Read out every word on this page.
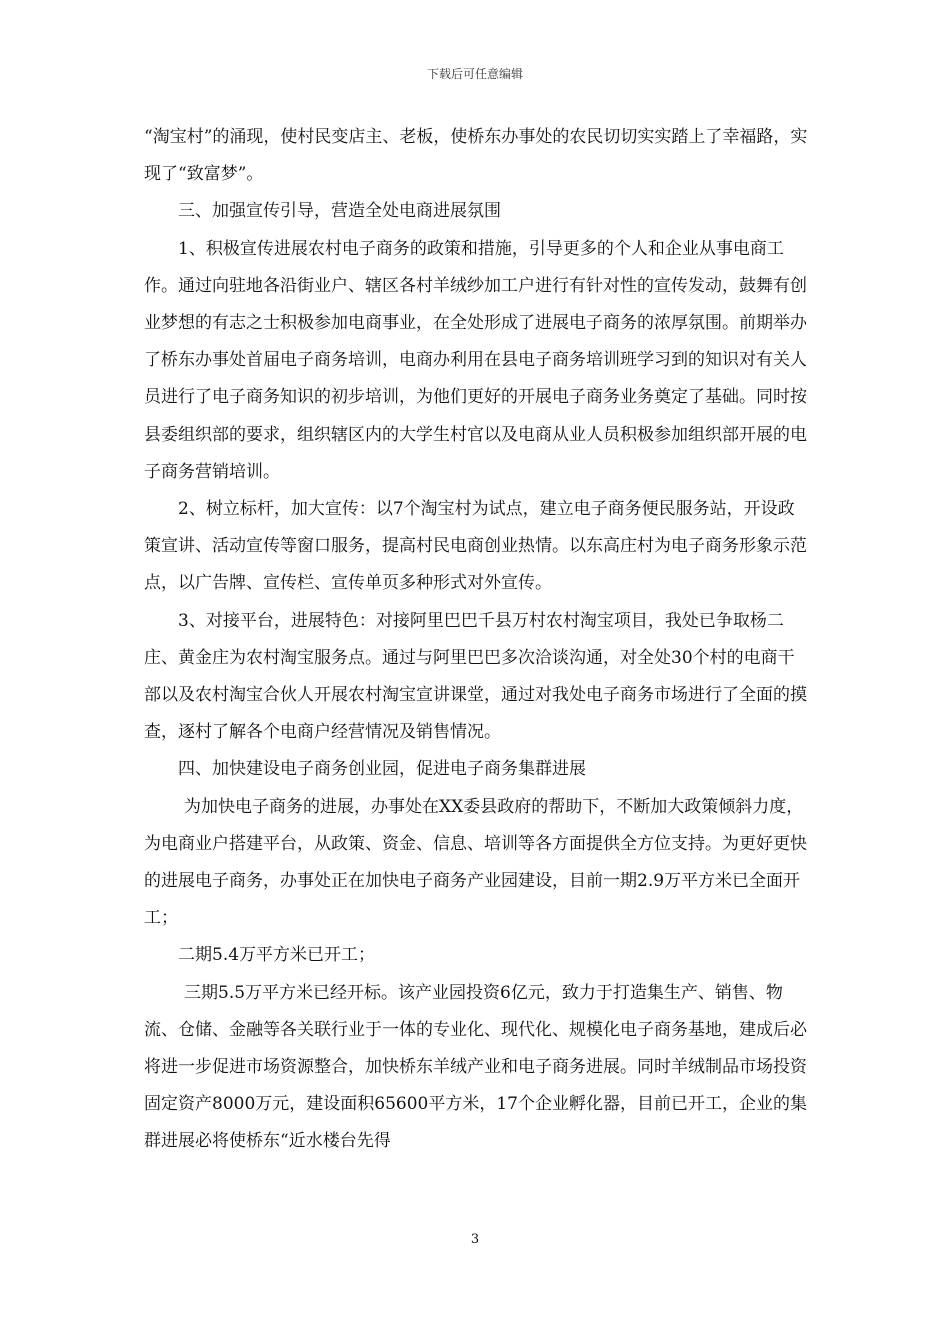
下载后可任意编辑

“淘宝村”的涌现，使村民变店主、老板，使桥东办事处的农民切切实实踏上了幸福路，实现了“致富梦”。

三、加强宣传引导，营造全处电商进展氛围

1、积极宣传进展农村电子商务的政策和措施，引导更多的个人和企业从事电商工作。通过向驻地各沿街业户、辖区各村羊绒纱加工户进行有针对性的宣传发动，鼓舞有创业梦想的有志之士积极参加电商事业，在全处形成了进展电子商务的浓厚氛围。前期举办了桥东办事处首届电子商务培训，电商办利用在县电子商务培训班学习到的知识对有关人员进行了电子商务知识的初步培训，为他们更好的开展电子商务业务奠定了基础。同时按县委组织部的要求，组织辖区内的大学生村官以及电商从业人员积极参加组织部开展的电子商务营销培训。

2、树立标杆，加大宣传：以7个淘宝村为试点，建立电子商务便民服务站，开设政策宣讲、活动宣传等窗口服务，提高村民电商创业热情。以东高庄村为电子商务形象示范点，以广告牌、宣传栏、宣传单页多种形式对外宣传。

3、对接平台，进展特色：对接阿里巴巴千县万村农村淘宝项目，我处已争取杨二庄、黄金庄为农村淘宝服务点。通过与阿里巴巴多次洽谈沟通，对全处30个村的电商干部以及农村淘宝合伙人开展农村淘宝宣讲课堂，通过对我处电子商务市场进行了全面的摸查，逐村了解各个电商户经营情况及销售情况。

四、加快建设电子商务创业园，促进电子商务集群进展

为加快电子商务的进展，办事处在XX委县政府的帮助下，不断加大政策倾斜力度，为电商业户搭建平台，从政策、资金、信息、培训等各方面提供全方位支持。为更好更快的进展电子商务，办事处正在加快电子商务产业园建设，目前一期2.9万平方米已全面开工；

二期5.4万平方米已开工；

三期5.5万平方米已经开标。该产业园投资6亿元，致力于打造集生产、销售、物流、仓储、金融等各关联行业于一体的专业化、现代化、规模化电子商务基地，建成后必将进一步促进市场资源整合，加快桥东羊绒产业和电子商务进展。同时羊绒制品市场投资固定资产8000万元，建设面积65600平方米，17个企业孵化器，目前已开工，企业的集群进展必将使桥东“近水楼台先得

3
